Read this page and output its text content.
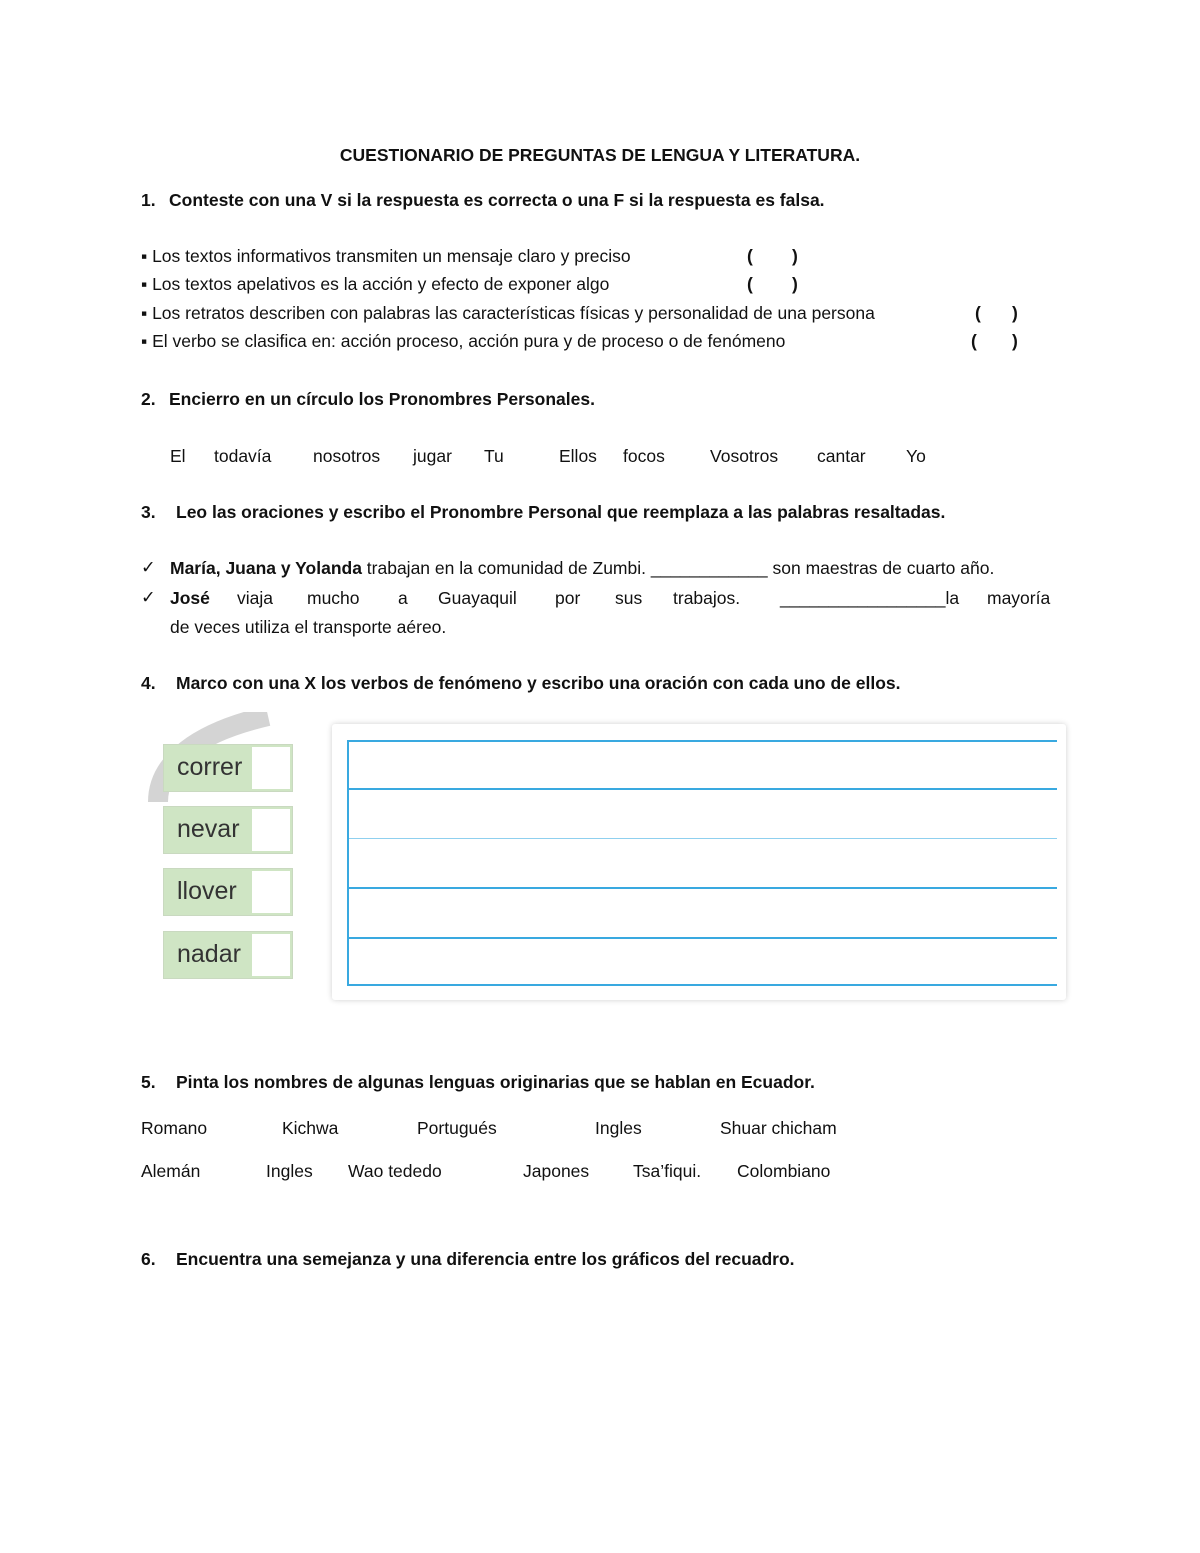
CUESTIONARIO DE PREGUNTAS DE LENGUA Y LITERATURA.
1. Conteste con una V si la respuesta es correcta o una F si la respuesta es falsa.
▪ Los textos informativos transmiten un mensaje claro y preciso	( )
▪ Los textos apelativos es la acción y efecto de exponer algo	( )
▪ Los retratos describen con palabras las características físicas y personalidad de una persona	( )
▪ El verbo se clasifica en: acción proceso, acción pura y de proceso o de fenómeno	( )
2. Encierro en un círculo los Pronombres Personales.
El todavía nosotros jugar Tu	Ellos focos	Vosotros cantar Yo
3. Leo las oraciones y escribo el Pronombre Personal que reemplaza a las palabras resaltadas.
✓ María, Juana y Yolanda trabajan en la comunidad de Zumbi. ____________ son maestras de cuarto año.
✓ José viaja mucho a Guayaquil por sus trabajos. _________________la mayoría
de veces utiliza el transporte aéreo.
4. Marco con una X los verbos de fenómeno y escribo una oración con cada uno de ellos.
correr
nevar
llover
nadar
5. Pinta los nombres de algunas lenguas originarias que se hablan en Ecuador.
Romano	Kichwa	Portugués	Ingles	Shuar chicham
Alemán	Ingles Wao tededo	Japones	Tsa’fiqui. Colombiano
6. Encuentra una semejanza y una diferencia entre los gráficos del recuadro.
